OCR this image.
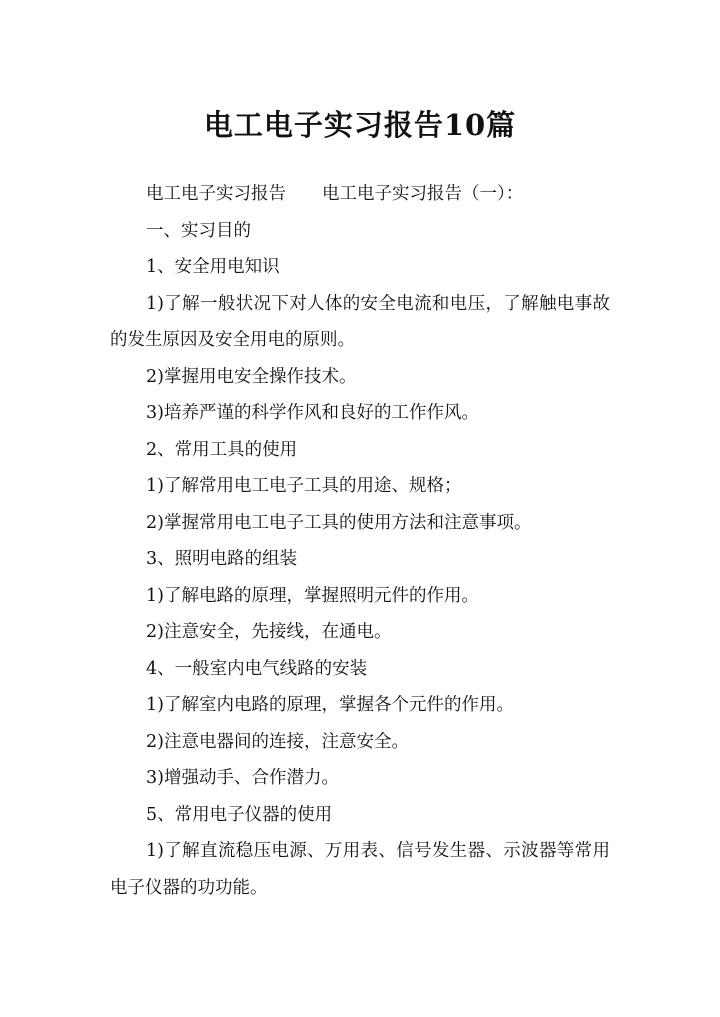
电工电子实习报告10篇

电工电子实习报告 电工电子实习报告（一）：

一、实习目的

1、安全用电知识

1)了解一般状况下对人体的安全电流和电压，了解触电事故的发生原因及安全用电的原则。

2)掌握用电安全操作技术。

3)培养严谨的科学作风和良好的工作作风。

2、常用工具的使用

1)了解常用电工电子工具的用途、规格；

2)掌握常用电工电子工具的使用方法和注意事项。

3、照明电路的组装

1)了解电路的原理，掌握照明元件的作用。

2)注意安全，先接线，在通电。

4、一般室内电气线路的安装

1)了解室内电路的原理，掌握各个元件的作用。

2)注意电器间的连接，注意安全。

3)增强动手、合作潜力。

5、常用电子仪器的使用

1)了解直流稳压电源、万用表、信号发生器、示波器等常用电子仪器的功功能。
